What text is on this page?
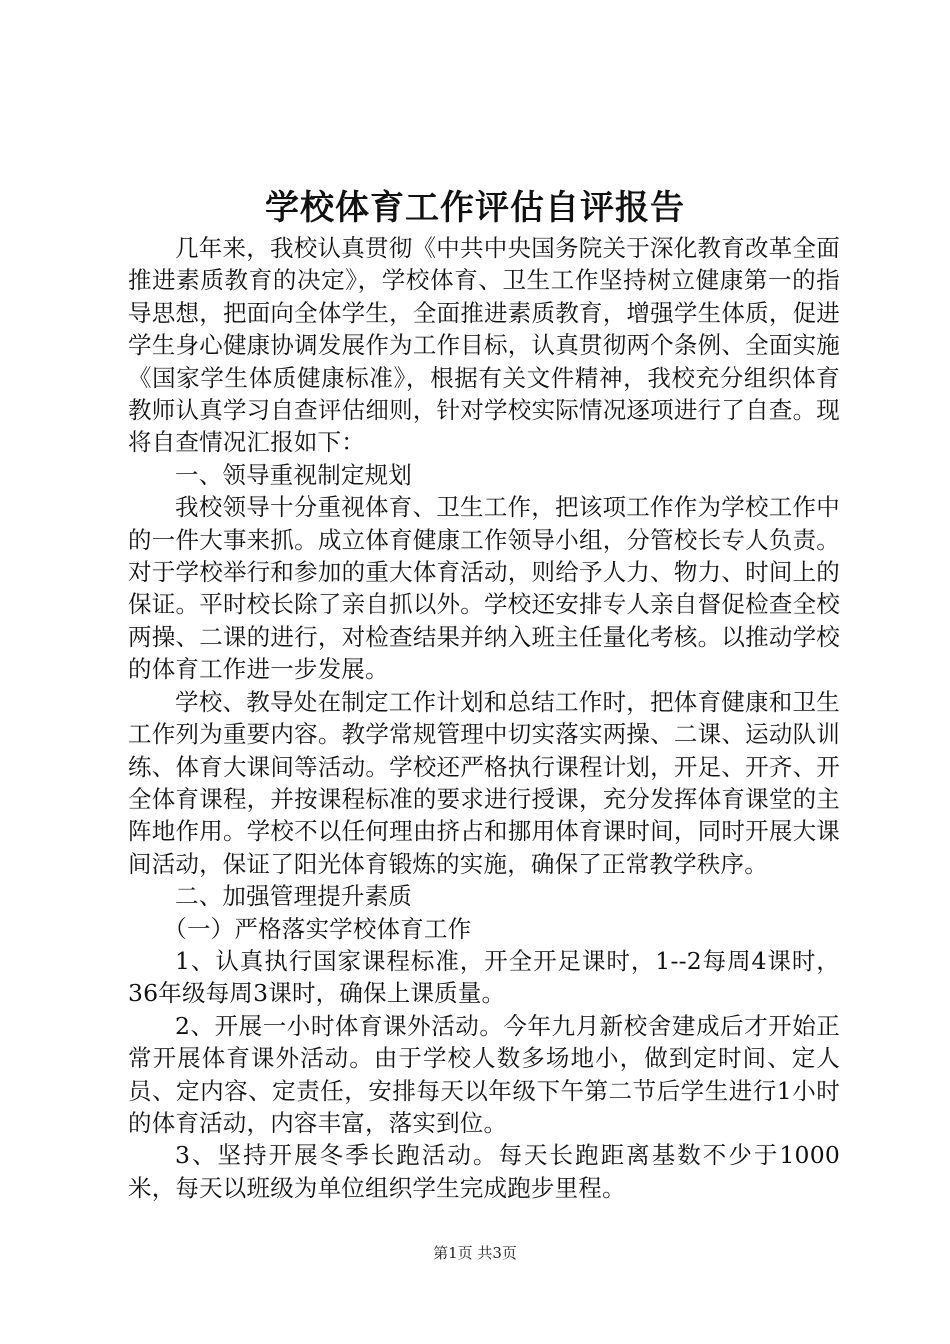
学校体育工作评估自评报告

几年来，我校认真贯彻《中共中央国务院关于深化教育改革全面推进素质教育的决定》，学校体育、卫生工作坚持树立健康第一的指导思想，把面向全体学生，全面推进素质教育，增强学生体质，促进学生身心健康协调发展作为工作目标，认真贯彻两个条例、全面实施《国家学生体质健康标准》，根据有关文件精神，我校充分组织体育教师认真学习自查评估细则，针对学校实际情况逐项进行了自查。现将自查情况汇报如下：

一、领导重视制定规划

我校领导十分重视体育、卫生工作，把该项工作作为学校工作中的一件大事来抓。成立体育健康工作领导小组，分管校长专人负责。对于学校举行和参加的重大体育活动，则给予人力、物力、时间上的保证。平时校长除了亲自抓以外。学校还安排专人亲自督促检查全校两操、二课的进行，对检查结果并纳入班主任量化考核。以推动学校的体育工作进一步发展。

学校、教导处在制定工作计划和总结工作时，把体育健康和卫生工作列为重要内容。教学常规管理中切实落实两操、二课、运动队训练、体育大课间等活动。学校还严格执行课程计划，开足、开齐、开全体育课程，并按课程标准的要求进行授课，充分发挥体育课堂的主阵地作用。学校不以任何理由挤占和挪用体育课时间，同时开展大课间活动，保证了阳光体育锻炼的实施，确保了正常教学秩序。

二、加强管理提升素质

（一）严格落实学校体育工作

1、认真执行国家课程标准，开全开足课时，1--2每周4课时，36年级每周3课时，确保上课质量。

2、开展一小时体育课外活动。今年九月新校舍建成后才开始正常开展体育课外活动。由于学校人数多场地小，做到定时间、定人员、定内容、定责任，安排每天以年级下午第二节后学生进行1小时的体育活动，内容丰富，落实到位。

3、坚持开展冬季长跑活动。每天长跑距离基数不少于1000米，每天以班级为单位组织学生完成跑步里程。

第1页 共3页
